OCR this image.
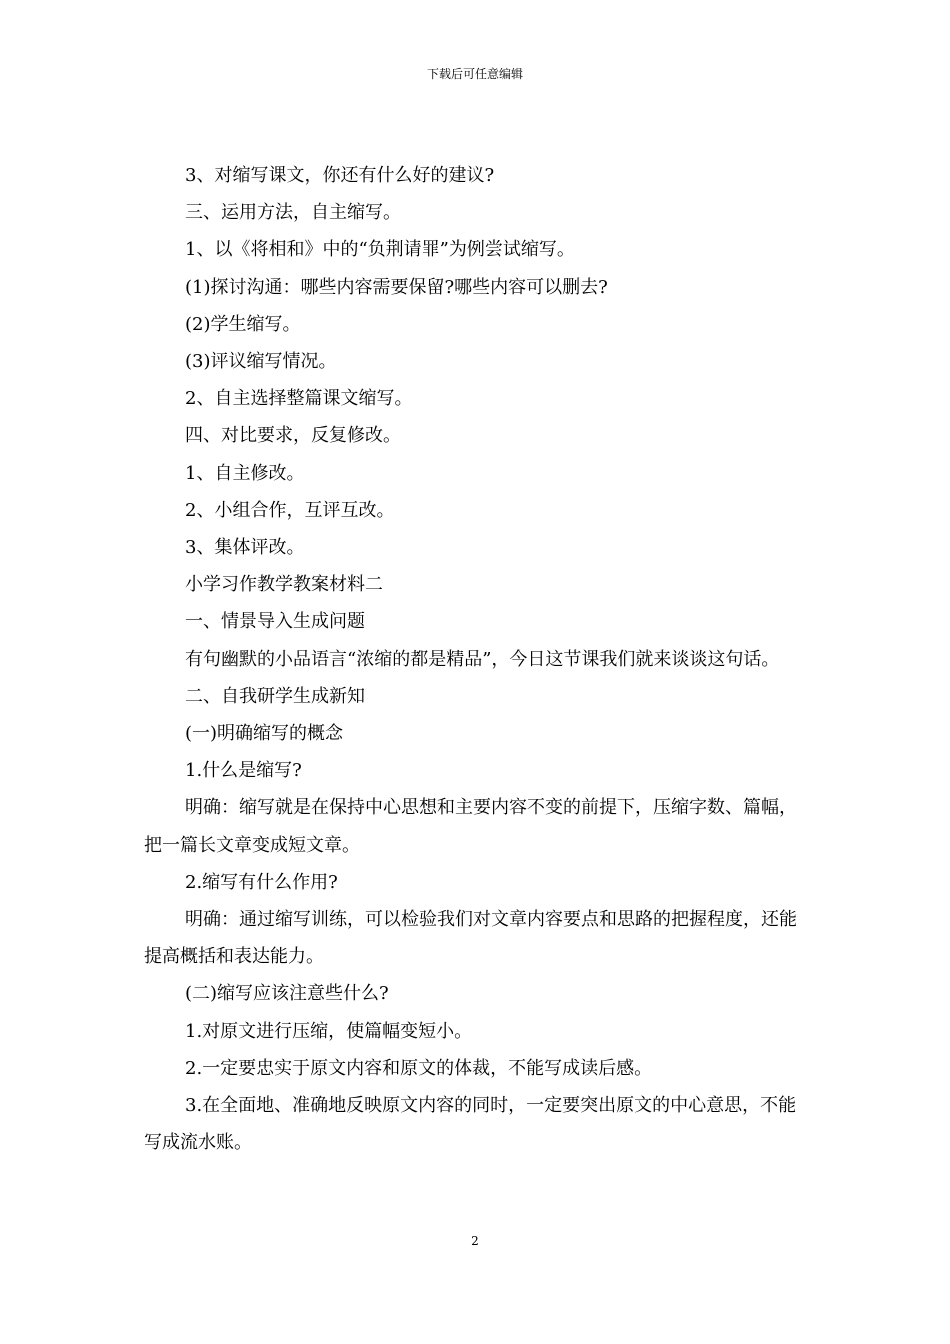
下载后可任意编辑

3、对缩写课文，你还有什么好的建议?

三、运用方法，自主缩写。

1、以《将相和》中的“负荆请罪”为例尝试缩写。

(1)探讨沟通：哪些内容需要保留?哪些内容可以删去?

(2)学生缩写。

(3)评议缩写情况。

2、自主选择整篇课文缩写。

四、对比要求，反复修改。

1、自主修改。

2、小组合作，互评互改。

3、集体评改。

小学习作教学教案材料二

一、情景导入生成问题

有句幽默的小品语言“浓缩的都是精品”，今日这节课我们就来谈谈这句话。

二、自我研学生成新知

(一)明确缩写的概念

1.什么是缩写?

明确：缩写就是在保持中心思想和主要内容不变的前提下，压缩字数、篇幅，把一篇长文章变成短文章。

2.缩写有什么作用?

明确：通过缩写训练，可以检验我们对文章内容要点和思路的把握程度，还能提高概括和表达能力。

(二)缩写应该注意些什么?

1.对原文进行压缩，使篇幅变短小。

2.一定要忠实于原文内容和原文的体裁，不能写成读后感。

3.在全面地、准确地反映原文内容的同时，一定要突出原文的中心意思，不能写成流水账。

2
